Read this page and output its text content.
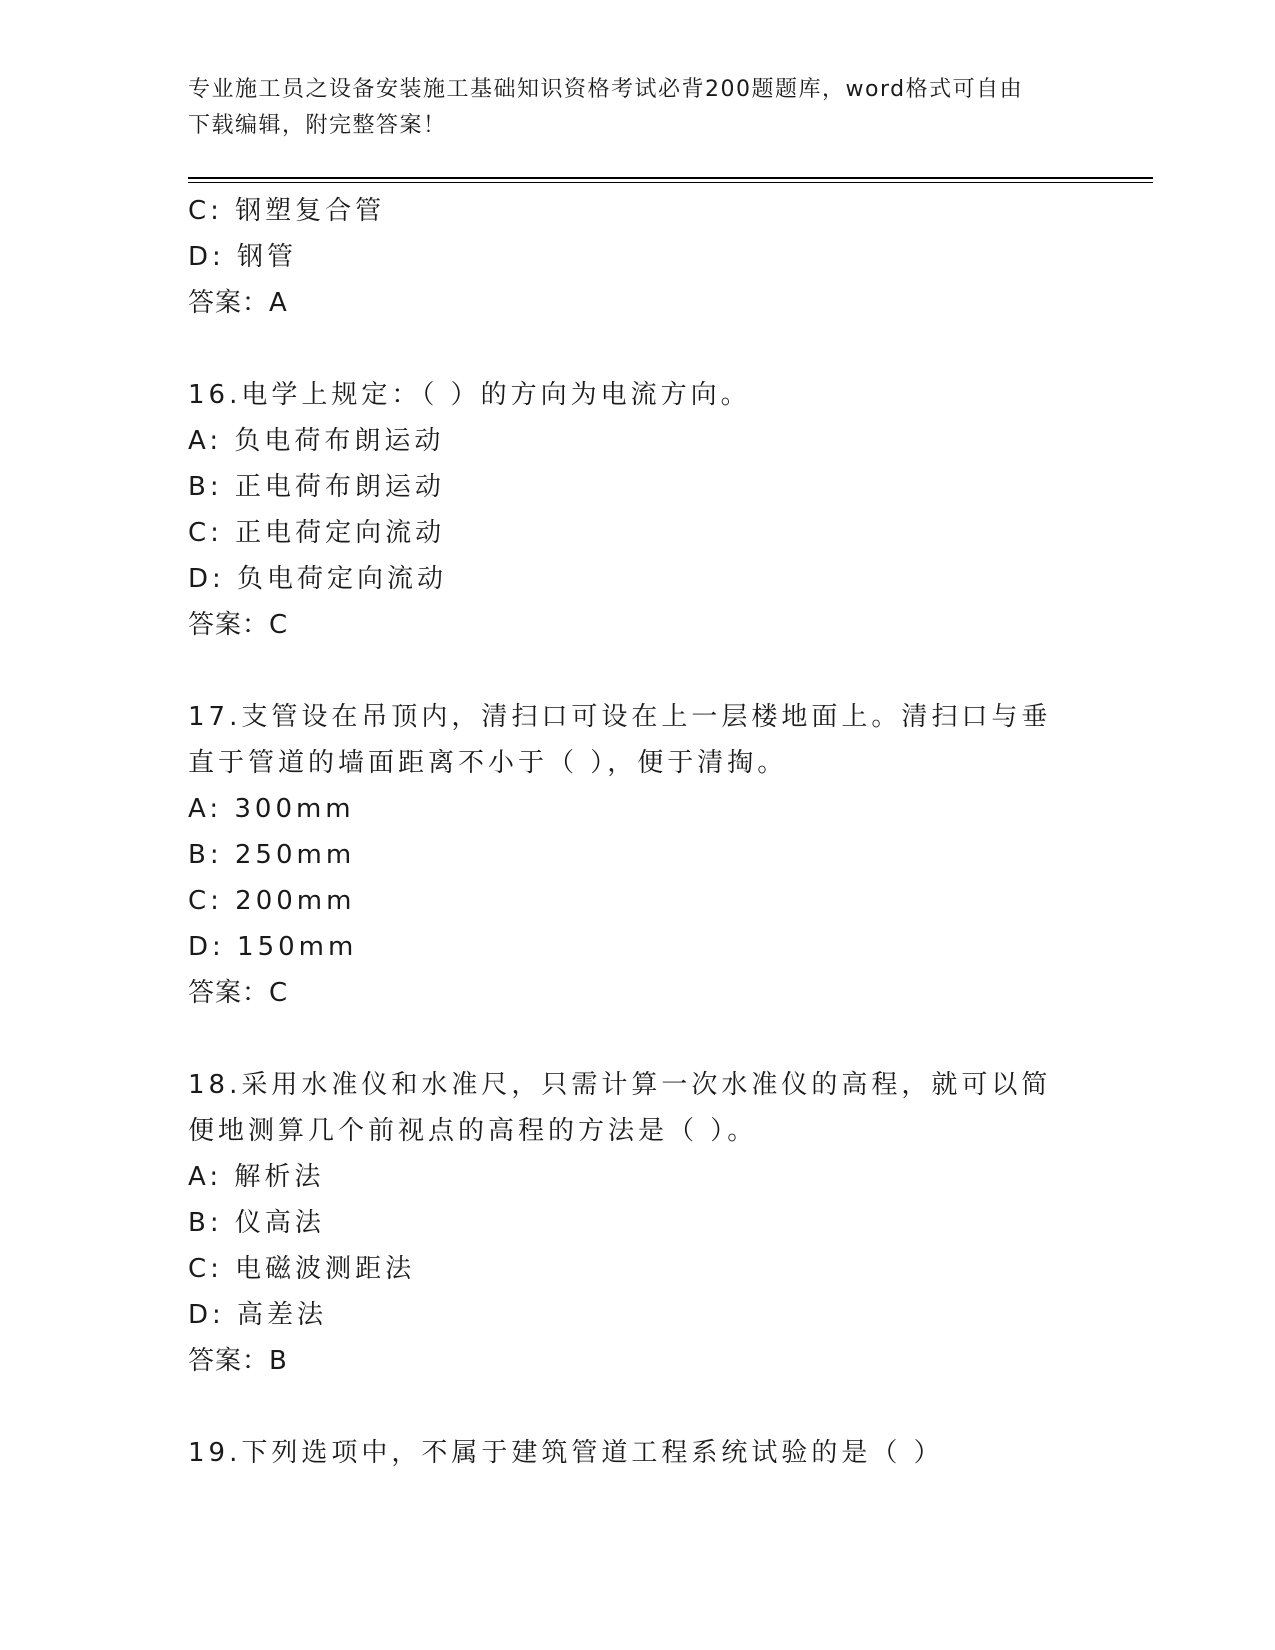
专业施工员之设备安装施工基础知识资格考试必背200题题库，word格式可自由
下载编辑，附完整答案！
C: 钢塑复合管
D: 钢管
答案：A
16.电学上规定：（ ）的方向为电流方向。
A: 负电荷布朗运动
B: 正电荷布朗运动
C: 正电荷定向流动
D: 负电荷定向流动
答案：C
17.支管设在吊顶内，清扫口可设在上一层楼地面上。清扫口与垂直于管道的墙面距离不小于（ ），便于清掏。
A: 300mm
B: 250mm
C: 200mm
D: 150mm
答案：C
18.采用水准仪和水准尺，只需计算一次水准仪的高程，就可以简便地测算几个前视点的高程的方法是（ ）。
A: 解析法
B: 仪高法
C: 电磁波测距法
D: 高差法
答案：B
19.下列选项中，不属于建筑管道工程系统试验的是（ ）
